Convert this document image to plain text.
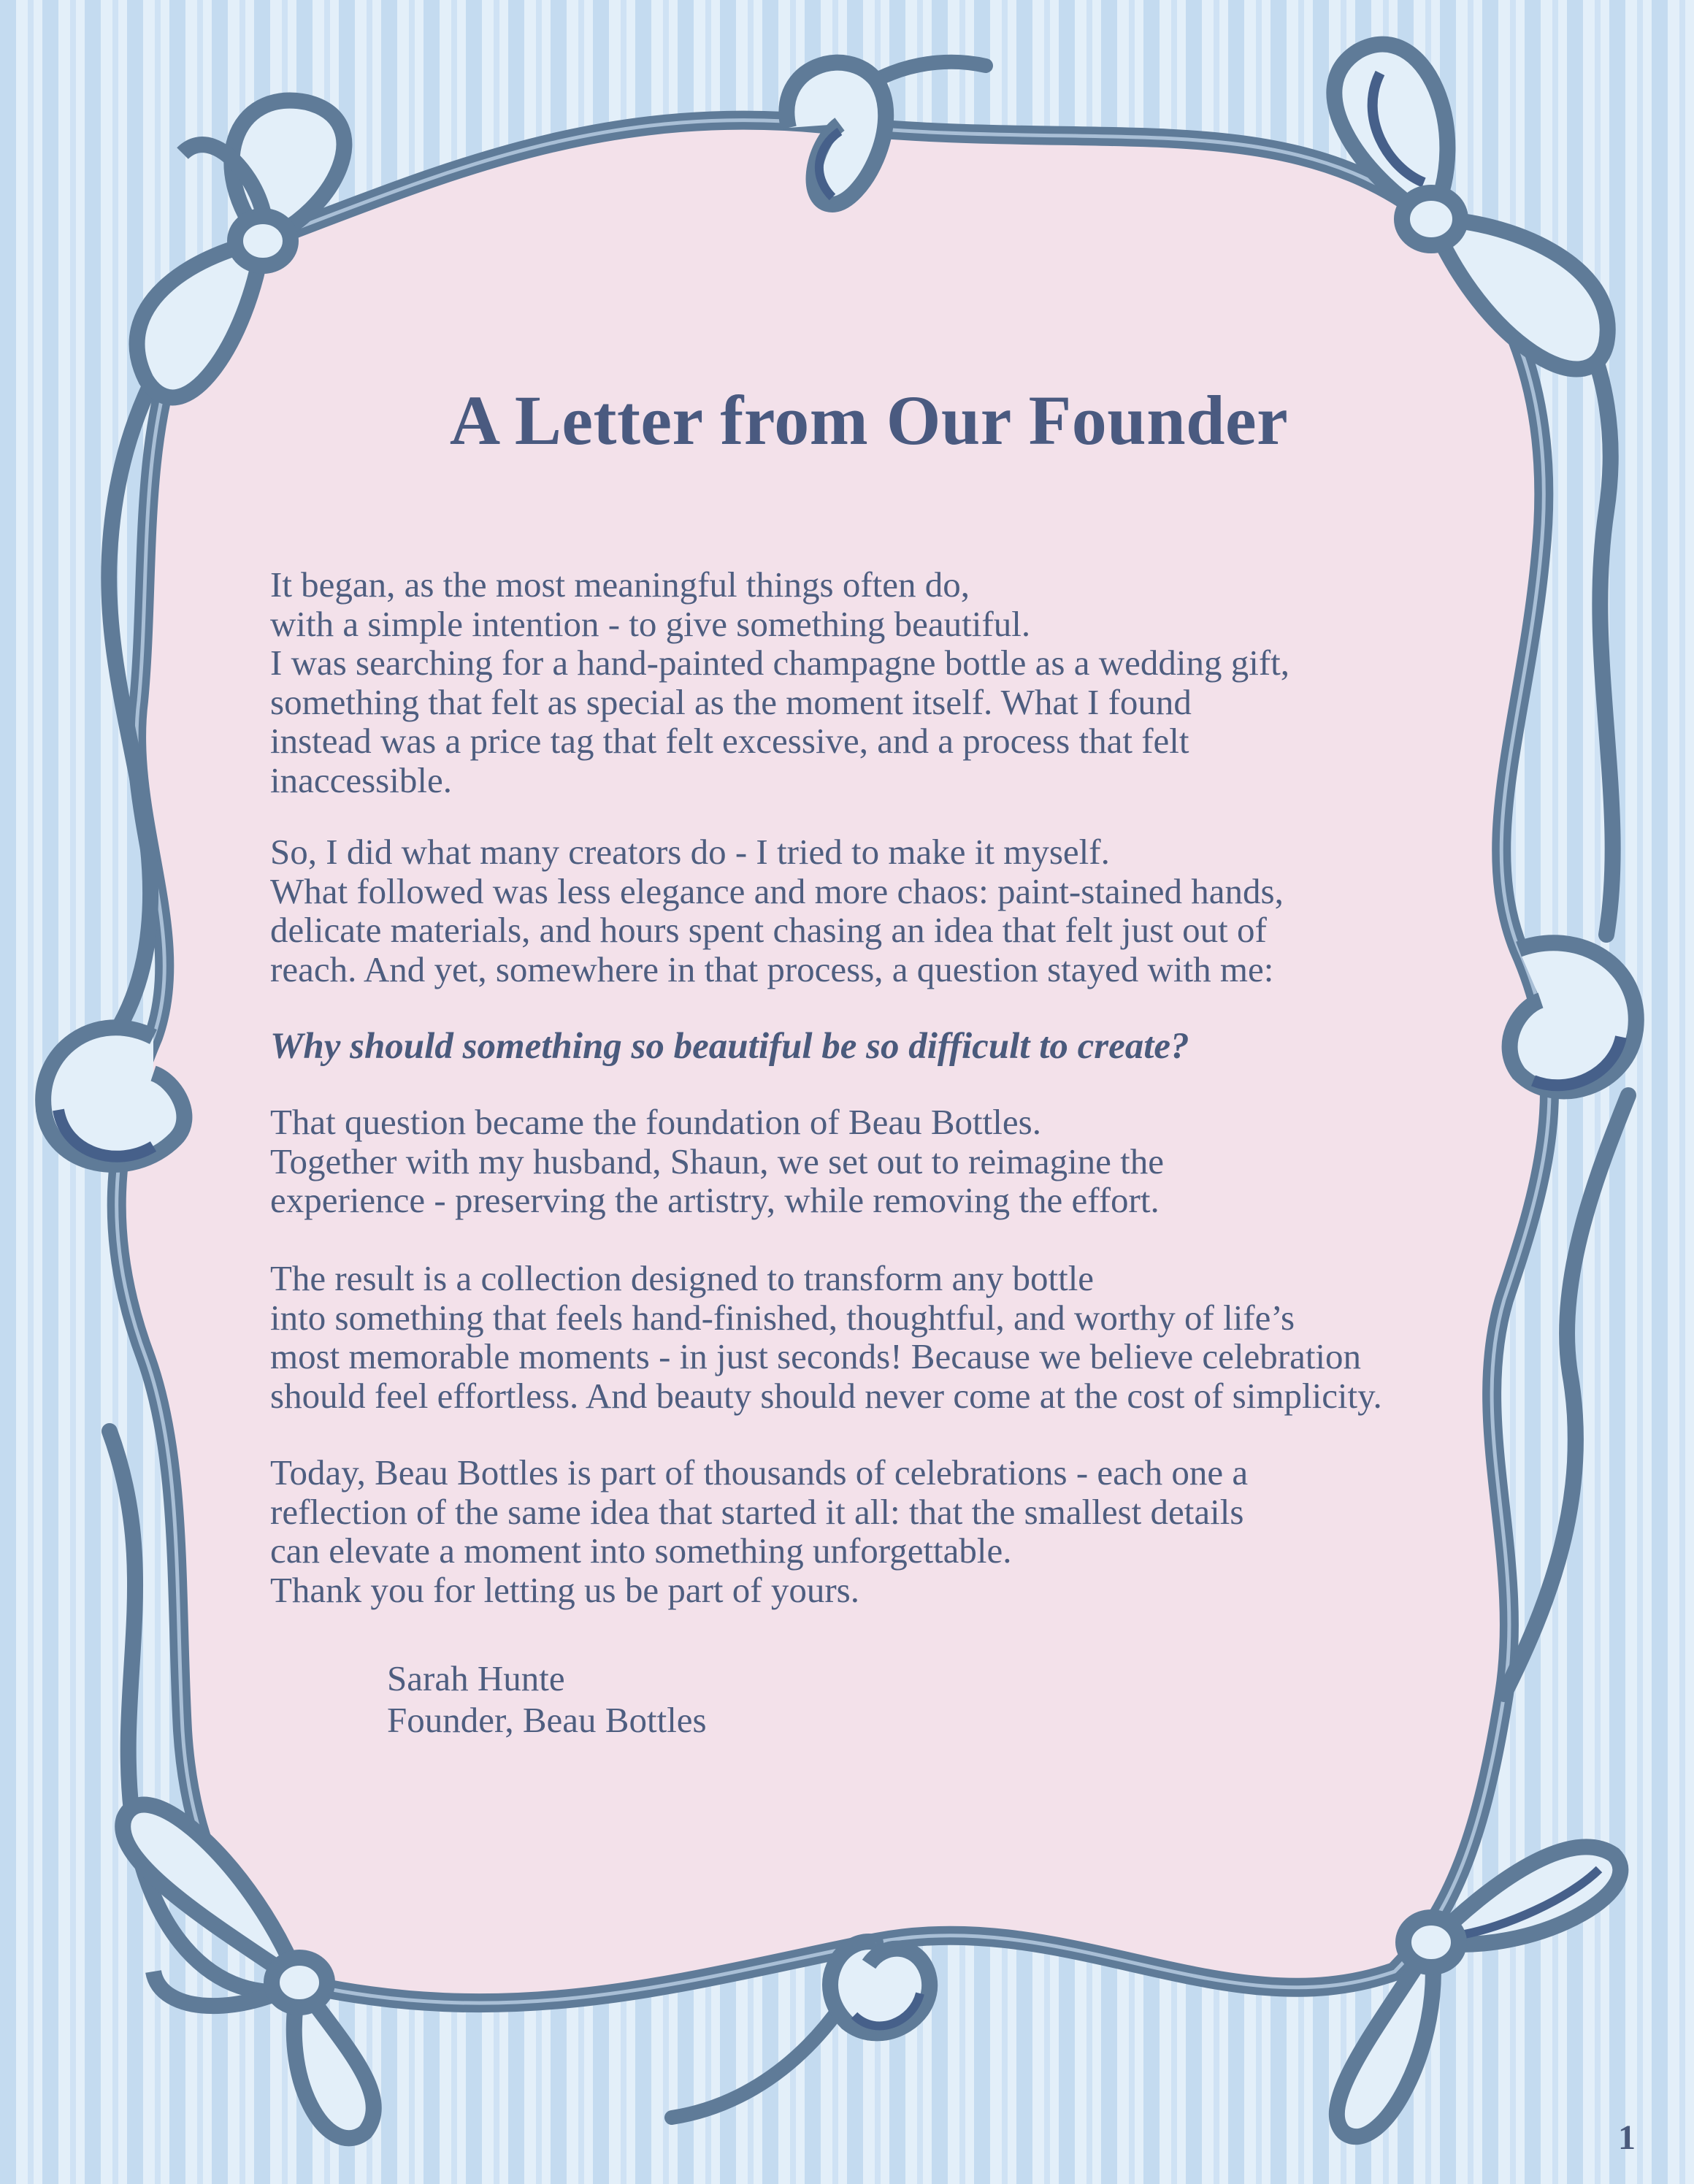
A Letter from Our Founder

It began, as the most meaningful things often do,
with a simple intention - to give something beautiful.
I was searching for a hand-painted champagne bottle as a wedding gift,
something that felt as special as the moment itself. What I found
instead was a price tag that felt excessive, and a process that felt
inaccessible.

So, I did what many creators do - I tried to make it myself.
What followed was less elegance and more chaos: paint-stained hands,
delicate materials, and hours spent chasing an idea that felt just out of
reach. And yet, somewhere in that process, a question stayed with me:

Why should something so beautiful be so difficult to create?

That question became the foundation of Beau Bottles.
Together with my husband, Shaun, we set out to reimagine the
experience - preserving the artistry, while removing the effort.

The result is a collection designed to transform any bottle
into something that feels hand-finished, thoughtful, and worthy of life’s
most memorable moments - in just seconds! Because we believe celebration
should feel effortless. And beauty should never come at the cost of simplicity.

Today, Beau Bottles is part of thousands of celebrations - each one a
reflection of the same idea that started it all: that the smallest details
can elevate a moment into something unforgettable.
Thank you for letting us be part of yours.

Sarah Hunte
Founder, Beau Bottles
1
